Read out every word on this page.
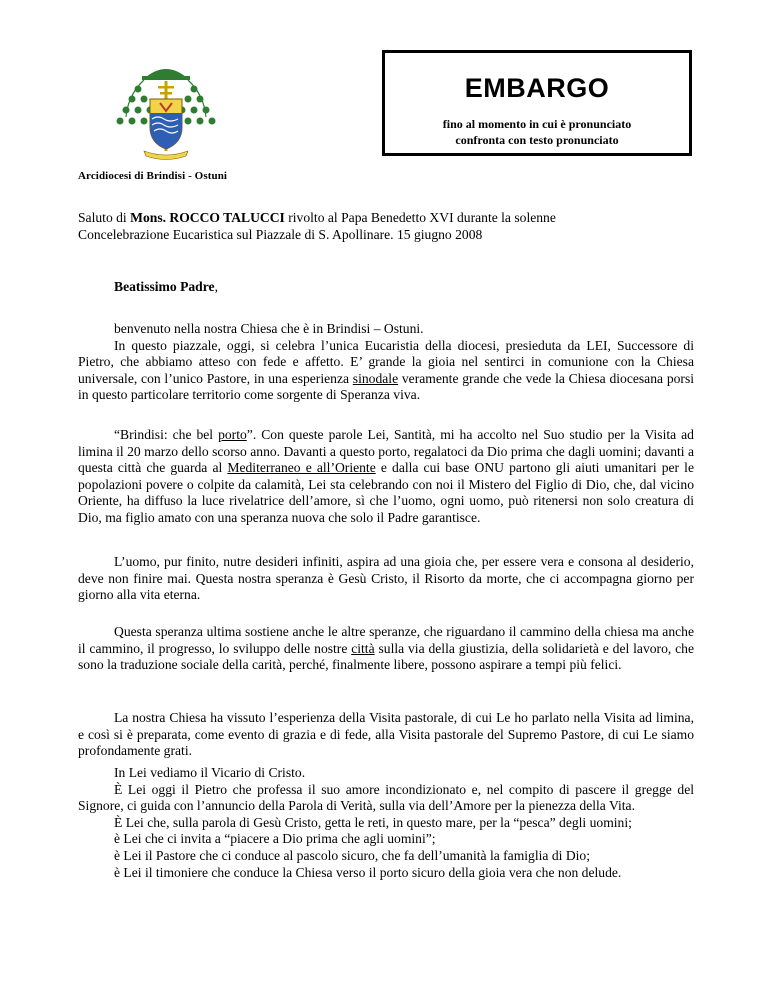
Arcidiocesi di Brindisi - Ostuni
EMBARGO
fino al momento in cui è pronunciato
confronta con testo pronunciato
Saluto di Mons. ROCCO TALUCCI rivolto al Papa Benedetto XVI durante la solenne
Concelebrazione Eucaristica sul Piazzale di S. Apollinare. 15 giugno 2008
Beatissimo Padre,

benvenuto nella nostra Chiesa che è in Brindisi – Ostuni.

In questo piazzale, oggi, si celebra l’unica Eucaristia della diocesi, presieduta da LEI, Successore di Pietro, che abbiamo atteso con fede e affetto. E’ grande la gioia nel sentirci in comunione con la Chiesa universale, con l’unico Pastore, in una esperienza sinodale veramente grande che vede la Chiesa diocesana porsi in questo particolare territorio come sorgente di Speranza viva.

“Brindisi: che bel porto”. Con queste parole Lei, Santità, mi ha accolto nel Suo studio per la Visita ad limina il 20 marzo dello scorso anno. Davanti a questo porto, regalatoci da Dio prima che dagli uomini; davanti a questa città che guarda al Mediterraneo e all’Oriente e dalla cui base ONU partono gli aiuti umanitari per le popolazioni povere o colpite da calamità, Lei sta celebrando con noi il Mistero del Figlio di Dio, che, dal vicino Oriente, ha diffuso la luce rivelatrice dell’amore, sì che l’uomo, ogni uomo, può ritenersi non solo creatura di Dio, ma figlio amato con una speranza nuova che solo il Padre garantisce.

L’uomo, pur finito, nutre desideri infiniti, aspira ad una gioia che, per essere vera e consona al desiderio, deve non finire mai. Questa nostra speranza è Gesù Cristo, il Risorto da morte, che ci accompagna giorno per giorno alla vita eterna.

Questa speranza ultima sostiene anche le altre speranze, che riguardano il cammino della chiesa ma anche il cammino, il progresso, lo sviluppo delle nostre città sulla via della giustizia, della solidarietà e del lavoro, che sono la traduzione sociale della carità, perché, finalmente libere, possono aspirare a tempi più felici.

La nostra Chiesa ha vissuto l’esperienza della Visita pastorale, di cui Le ho parlato nella Visita ad limina, e così si è preparata, come evento di grazia e di fede, alla Visita pastorale del Supremo Pastore, di cui Le siamo profondamente grati.

In Lei vediamo il Vicario di Cristo.

È Lei oggi il Pietro che professa il suo amore incondizionato e, nel compito di pascere il gregge del Signore, ci guida con l’annuncio della Parola di Verità, sulla via dell’Amore per la pienezza della Vita.

È Lei che, sulla parola di Gesù Cristo, getta le reti, in questo mare, per la “pesca” degli uomini;

è Lei che ci invita a “piacere a Dio prima che agli uomini”;

è Lei il Pastore che ci conduce al pascolo sicuro, che fa dell’umanità la famiglia di Dio;

è Lei il timoniere che conduce la Chiesa verso il porto sicuro della gioia vera che non delude.
